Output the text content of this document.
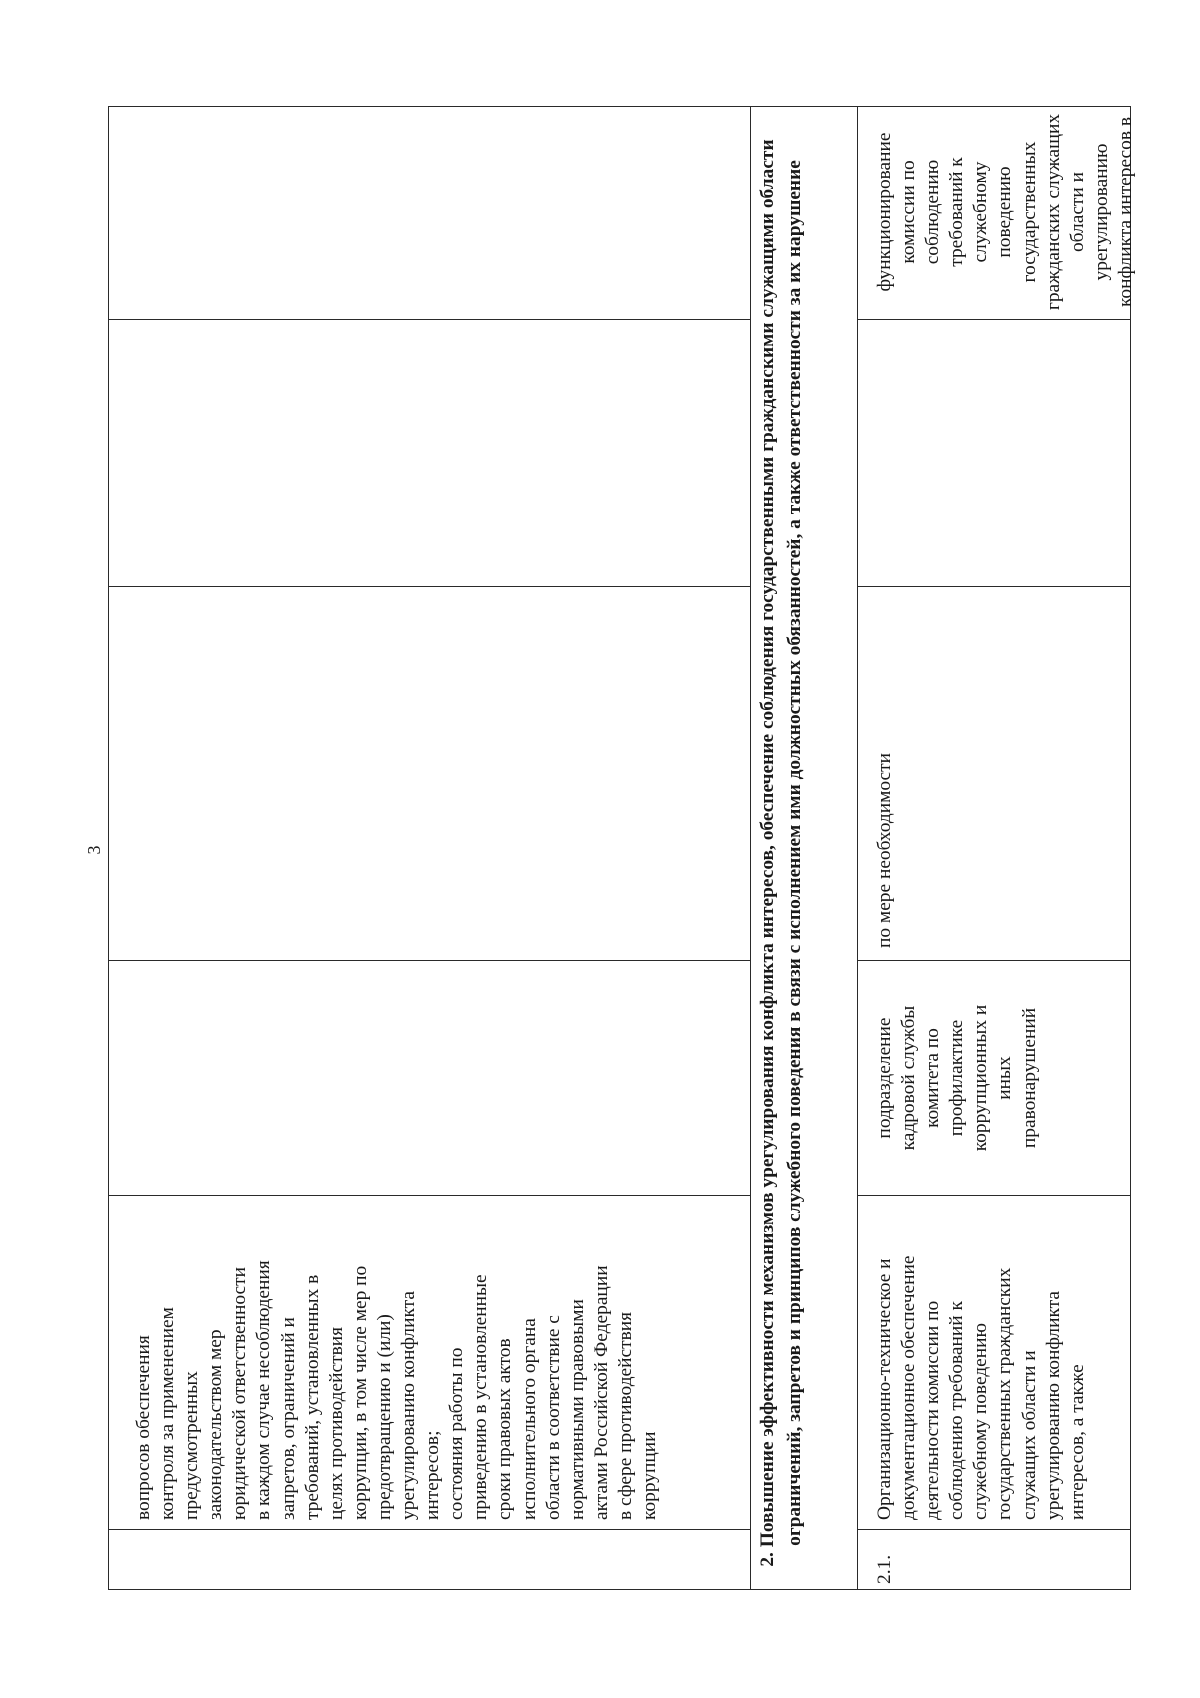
3
вопросов обеспечения
контроля за применением
предусмотренных
законодательством мер
юридической ответственности
в каждом случае несоблюдения
запретов, ограничений и
требований, установленных в
целях противодействия
коррупции, в том числе мер по
предотвращению и (или)
урегулированию конфликта
интересов;
состояния работы по
приведению в установленные
сроки правовых актов
исполнительного органа
области в соответствие с
нормативными правовыми
актами Российской Федерации
в сфере противодействия
коррупции	2. Повышение эффективности механизмов урегулирования конфликта интересов, обеспечение соблюдения государственными гражданскими служащими области ограничений, запретов и принципов служебного поведения в связи с исполнением ими должностных обязанностей, а также ответственности за их нарушение
2.1.
Организационно-техническое и
документационное обеспечение
деятельности комиссии по
соблюдению требований к
служебному поведению
государственных гражданских
служащих области и
урегулированию конфликта
интересов, а также
подразделение
кадровой службы
комитета по
профилактике
коррупционных и
иных
правонарушений
по мере необходимости
функционирование
комиссии по соблюдению
требований к служебному
поведению
государственных
гражданских служащих
области и
урегулированию
конфликта интересов в
